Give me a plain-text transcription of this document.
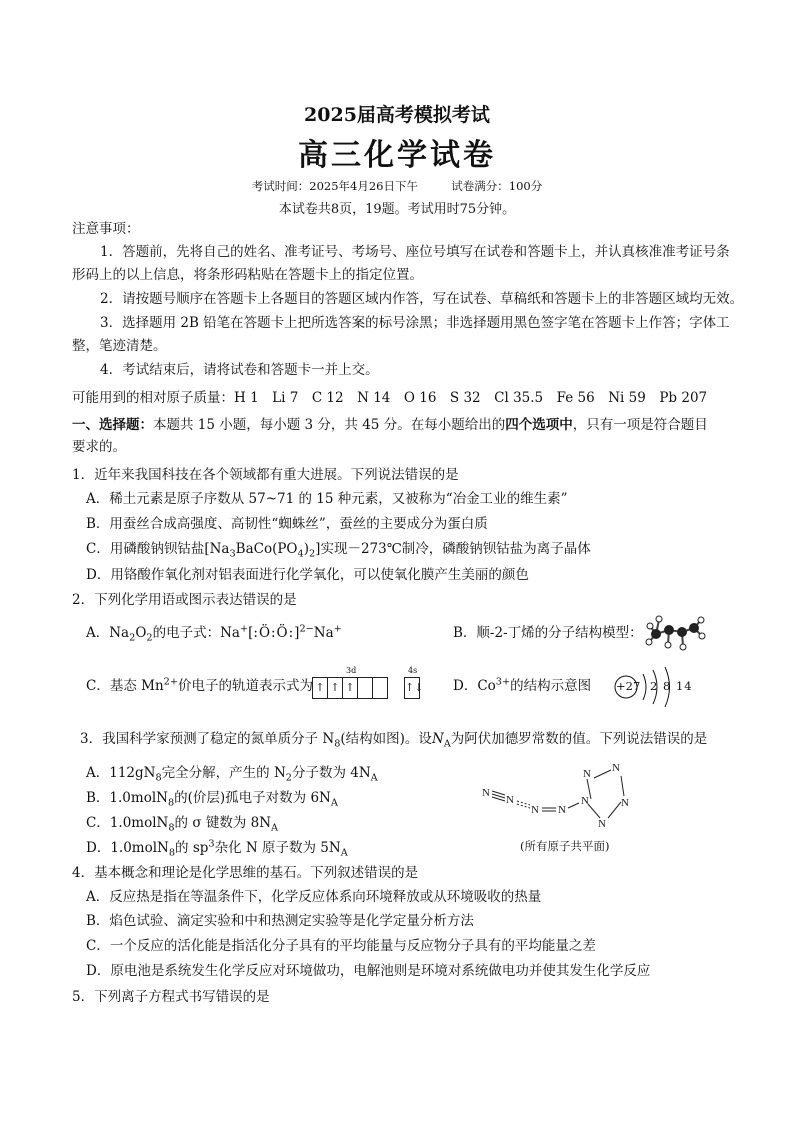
2025届高考模拟考试
高三化学试卷
考试时间：2025年4月26日下午	试卷满分：100分
本试卷共8页，19题。考试用时75分钟。
注意事项：
1．答题前，先将自己的姓名、准考证号、考场号、座位号填写在试卷和答题卡上，并认真核准准考证号条
形码上的以上信息，将条形码粘贴在答题卡上的指定位置。
2．请按题号顺序在答题卡上各题目的答题区域内作答，写在试卷、草稿纸和答题卡上的非答题区域均无效。
3．选择题用 2B 铅笔在答题卡上把所选答案的标号涂黑；非选择题用黑色签字笔在答题卡上作答；字体工
整，笔迹清楚。
4．考试结束后，请将试卷和答题卡一并上交。
可能用到的相对原子质量：H 1　Li 7　C 12　N 14　O 16　S 32　Cl 35.5　Fe 56　Ni 59　Pb 207
一、选择题：本题共 15 小题，每小题 3 分，共 45 分。在每小题给出的四个选项中，只有一项是符合题目
要求的。
1．近年来我国科技在各个领域都有重大进展。下列说法错误的是
A．稀土元素是原子序数从 57~71 的 15 种元素，又被称为“冶金工业的维生素”
B．用蚕丝合成高强度、高韧性“蜘蛛丝”，蚕丝的主要成分为蛋白质
C．用磷酸钠钡钴盐$[Na_3BaCo(PO_4)_2]$实现－273℃制冷，磷酸钠钡钴盐为离子晶体
D．用铬酸作氧化剂对铝表面进行化学氧化，可以使氧化膜产生美丽的颜色
2．下列化学用语或图示表达错误的是
A．$Na_2O_2$的电子式：Na+[:Ö:Ö:]$^{2-}$Na+	B．顺-2-丁烯的分子结构模型：
C．基态 $Mn^{2+}$价电子的轨道表示式为
3d	4s
↑ ↑ ↑	↑↓ D．$Co^{3+}$的结构示意图 +27 2 8 14
3．我国科学家预测了稳定的氮单质分子 $N_8$(结构如图)。设$N_A$为阿伏加德罗常数的值。下列说法错误的是
A．$112gN_8$完全分解，产生的 $N_2$分子数为 $4N_A$
B．1.0molN$_8$的(价层)孤电子对数为 $6N_A$
C．1.0molN$_8$的 σ 键数为 $8N_A$
D．1.0molN$_8$的 $sp^3$杂化 N 原子数为 $5N_A$
N
N
N N
N
N N
N
N
(所有原子共平面)
4．基本概念和理论是化学思维的基石。下列叙述错误的是
A．反应热是指在等温条件下，化学反应体系向环境释放或从环境吸收的热量
B．焰色试验、滴定实验和中和热测定实验等是化学定量分析方法
C．一个反应的活化能是指活化分子具有的平均能量与反应物分子具有的平均能量之差
D．原电池是系统发生化学反应对环境做功，电解池则是环境对系统做电功并使其发生化学反应
5．下列离子方程式书写错误的是
